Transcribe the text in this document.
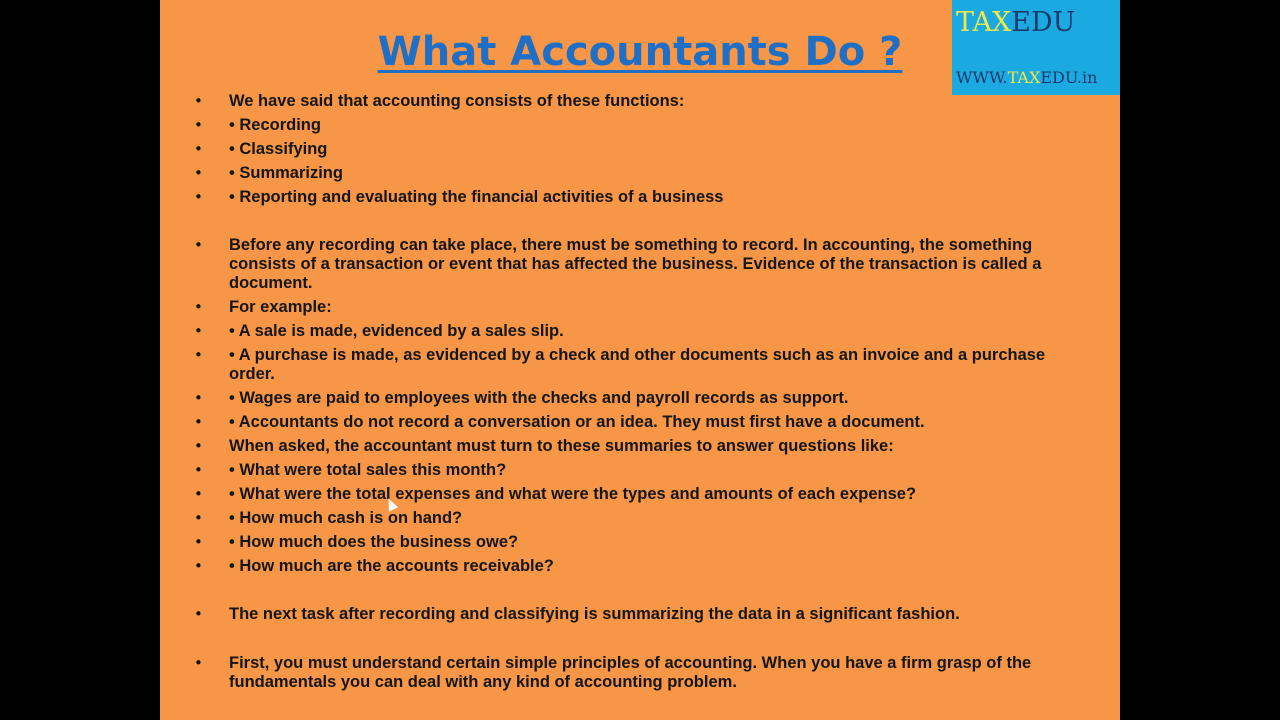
What Accountants Do ?
TAXEDU
WWW.TAXEDU.in
• We have said that accounting consists of these functions:
• • Recording
• • Classifying
• • Summarizing
• • Reporting and evaluating the financial activities of a business
• Before any recording can take place, there must be something to record. In accounting, the something consists of a transaction or event that has affected the business. Evidence of the transaction is called a document.
• For example:
• • A sale is made, evidenced by a sales slip.
• • A purchase is made, as evidenced by a check and other documents such as an invoice and a purchase order.
• • Wages are paid to employees with the checks and payroll records as support.
• • Accountants do not record a conversation or an idea. They must first have a document.
• When asked, the accountant must turn to these summaries to answer questions like:
• • What were total sales this month?
• • What were the total expenses and what were the types and amounts of each expense?
• • How much cash is on hand?
• • How much does the business owe?
• • How much are the accounts receivable?
• The next task after recording and classifying is summarizing the data in a significant fashion.
• First, you must understand certain simple principles of accounting. When you have a firm grasp of the fundamentals you can deal with any kind of accounting problem.
